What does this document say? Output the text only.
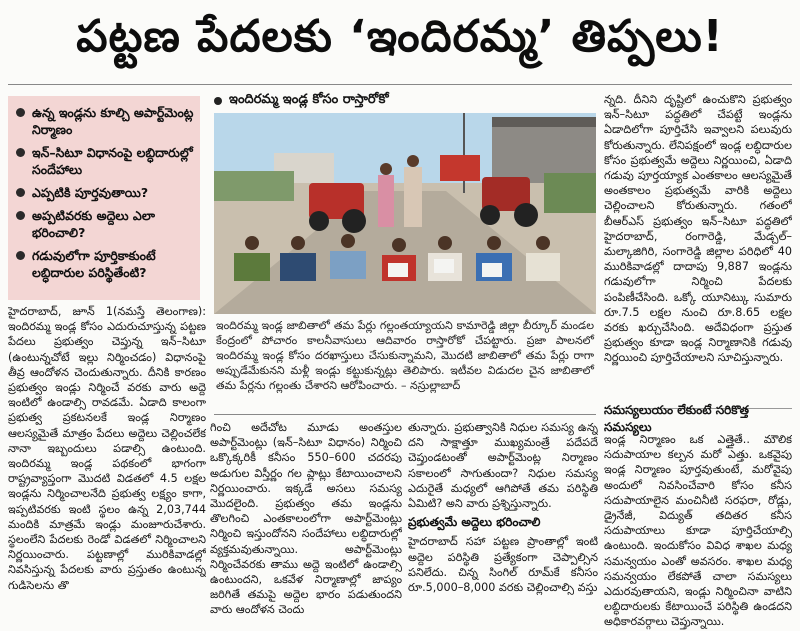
పట్టణ పేదలకు ‘ఇందిరమ్మ’ తిప్పలు!
ఉన్న ఇండ్లను కూల్చి అపార్ట్‌మెంట్ల నిర్మాణం
ఇన్–సిటూ విధానంపై లబ్ధిదారుల్లో సందేహాలు
ఎప్పటికి పూర్తవుతాయి?
అప్పటివరకు అద్దెలు ఎలా భరించాలి?
గడువులోగా పూర్తికాకుంటే లబ్ధిదారుల పరిస్థితేంటి?
ఇందిరమ్మ ఇండ్ల కోసం రాస్తారోకో
ఇందిరమ్మ ఇండ్ల జాబితాలో తమ పేర్లు గల్లంతయ్యాయని కామారెడ్డి జిల్లా బీర్కూర్ మండల కేంద్రంలో పోచారం కాలనీవాసులు ఆదివారం రాస్తారోకో చేపట్టారు. ప్రజా పాలనలో ఇందిరమ్మ ఇండ్ల కోసం దరఖాస్తులు చేసుకున్నామని, మొదటి జాబితాలో తమ పేర్లు రాగా అప్పుడేమేకునని మళ్లీ ఇండ్లు కట్టుకున్నట్లు తెలిపారు. ఇటీవల విడుదల చైన జాబితాలో తమ పేర్లను గల్లంతు చేశారని ఆరోపించారు. – నస్రుల్లాబాద్

హైదరాబాద్, జూన్ 1(నమస్తే తెలంగాణ): ఇందిరమ్మ ఇండ్ల కోసం ఎదురుచూస్తున్న పట్టణ పేదలు ప్రభుత్వం చెప్తున్న ఇన్–సిటూ (ఉంటున్నచోటే ఇల్లు నిర్మించడం) విధానంపై తీవ్ర ఆందోళన చెందుతున్నారు. దీనికి కారణం ప్రభుత్వం ఇండ్లు నిర్మించే వరకు వారు అద్దె ఇంటిలో ఉండాల్సి రావడమే. ఏడాది కాలంగా ప్రభుత్వ ప్రకటనలకే ఇండ్ల నిర్మాణం ఆలస్యమైతే మాత్రం పేదలు అద్దెలు చెల్లించలేక నానా ఇబ్బందులు పడాల్సి ఉంటుంది. ఇందిరమ్మ ఇండ్ల పథకంలో భాగంగా రాష్ట్రవ్యాప్తంగా మొదటి విడతలో 4.5 లక్షల ఇండ్లను నిర్మించాలనేది ప్రభుత్వ లక్ష్యం కాగా, ఇప్పటివరకు ఇంటి స్థలం ఉన్న 2,03,744 మందికి మాత్రమే ఇండ్లు మంజూరుచేశారు. స్థలంలేని పేదలకు రెండో విడతలో నిర్మించాలని నిర్ణయించారు. పట్టణాల్లో మురికివాడల్లో నివసిస్తున్న పేదలకు వారు ప్రస్తుతం ఉంటున్న గుడిసెలను తొ

గించి అదేచోట మూడు అంతస్తుల అపార్ట్‌మెంట్లు (ఇన్–సిటూ విధానం) నిర్మించి ఒక్కొక్కరికీ కనీసం 550–600 చదరపు అడుగుల విస్తీర్ణం గల ప్లాట్లు కేటాయించాలని నిర్ణయించారు. ఇక్కడే అసలు సమస్య మొదలైంది. ప్రభుత్వం తమ ఇండ్లను తొలగించి ఎంతకాలంలోగా అపార్ట్‌మెంట్లు నిర్మించి ఇస్తుందోనని సందేహాలు లబ్ధిదారుల్లో వ్యక్తమవుతున్నాయి. అపార్ట్‌మెంట్లు నిర్మించేవరకు తాము అద్దె ఇంటిలో ఉండాల్సి ఉంటుందని, ఒకవేళ నిర్మాణాల్లో జాప్యం జరిగితే తమపై అద్దెల భారం పడుతుందని వారు ఆందోళన చెందు

తున్నారు. ప్రభుత్వానికి నిధుల సమస్య ఉన్న దని సాక్షాత్తూ ముఖ్యమంత్రే పదేపదే చెప్తుండటంతో అపార్ట్‌మెంట్ల నిర్మాణం సకాలంలో సాగుతుందా? నిధుల సమస్య ఎదురైతే మధ్యలో ఆగిపోతే తమ పరిస్థితి ఏమిటి? అని వారు ప్రశ్నిస్తున్నారు.

ప్రభుత్వమే అద్దెలు భరించాలి

హైదరాబాద్ సహా పట్టణ ప్రాంతాల్లో ఇంటి అద్దెల పరిస్థితి ప్రత్యేకంగా చెప్పాల్సిన పనిలేదు. చిన్న సింగిల్ రూమ్‌కే కనీసం రూ.5,000–8,000 వరకు చెల్లించాల్సి వస్తు

న్నది. దీనిని దృష్టిలో ఉంచుకొని ప్రభుత్వం ఇన్–సిటూ పద్ధతిలో చేపట్టే ఇండ్లను ఏడాదిలోగా పూర్తిచేసి ఇవ్వాలని పలువురు కోరుతున్నారు. లేనిపక్షంలో ఇండ్ల లబ్ధిదారుల కోసం ప్రభుత్వమే అద్దెలు నిర్ణయించి, ఏడాది గడువు పూర్తయ్యాక ఎంతకాలం ఆలస్యమైతే అంతకాలం ప్రభుత్వమే వారికి అద్దెలు చెల్లించాలని కోరుతున్నారు. గతంలో బీఆర్ఎస్ ప్రభుత్వం ఇన్–సిటూ పద్ధతిలో హైదరాబాద్, రంగారెడ్డి, మేడ్చల్–మల్కాజిగిరి, సంగారెడ్డి జిల్లాల పరిధిలో 40 మురికివాడల్లో దాదాపు 9,887 ఇండ్లను గడువులోగా నిర్మించి పేదలకు పంపిణీచేసింది. ఒక్కో యూనిట్కు సుమారు రూ.7.5 లక్షల నుంచి రూ.8.65 లక్షల వరకు ఖర్చుచేసింది. అదేవిధంగా ప్రస్తుత ప్రభుత్వం కూడా ఇండ్ల నిర్మాణానికి గడువు నిర్ణయించి పూర్తిచేయాలని సూచిస్తున్నారు.

సమస్యలుయం లేకుంటే సరికొత్త సమస్యలు

ఇండ్ల నిర్మాణం ఒక ఎత్తైతే.. మౌలిక సదుపాయాల కల్పన మరో ఎత్తు. ఒకవైపు ఇండ్ల నిర్మాణం పూర్తవుతుంటే, మరోవైపు అందులో నివసించేవారి కోసం కనీస సదుపాయాలైన మంచినీటి సరఫరా, రోడ్లు, డ్రైనేజీ, విద్యుత్ తదితర కనీస సదుపాయాలు కూడా పూర్తిచేయాల్సి ఉంటుంది. ఇందుకోసం వివిధ శాఖల మధ్య సమన్వయం ఎంతో అవసరం. శాఖల మధ్య సమన్వయం లేకపోతే చాలా సమస్యలు ఎదురవుతాయని, ఇండ్లు నిర్మించినా వాటిని లబ్ధిదారులకు కేటాయించే పరిస్థితి ఉండదని అధికారవర్గాలు చెప్తున్నాయి.
